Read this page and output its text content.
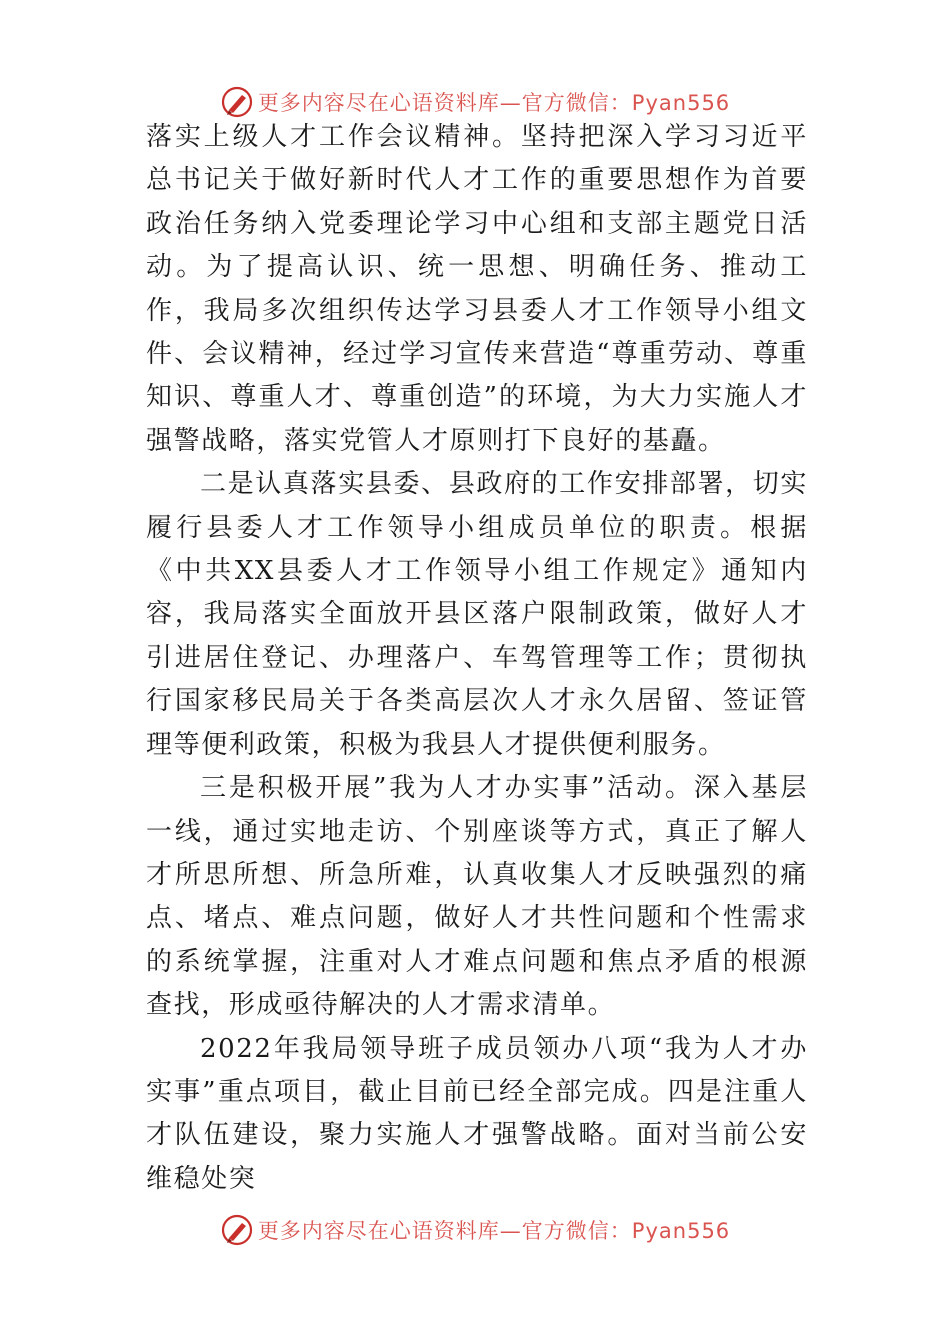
更多内容尽在心语资料库—官方微信：Pyan556

落实上级人才工作会议精神。坚持把深入学习习近平总书记关于做好新时代人才工作的重要思想作为首要政治任务纳入党委理论学习中心组和支部主题党日活动。为了提高认识、统一思想、明确任务、推动工作，我局多次组织传达学习县委人才工作领导小组文件、会议精神，经过学习宣传来营造“尊重劳动、尊重知识、尊重人才、尊重创造”的环境，为大力实施人才强警战略，落实党管人才原则打下良好的基矗。

二是认真落实县委、县政府的工作安排部署，切实履行县委人才工作领导小组成员单位的职责。根据《中共XX县委人才工作领导小组工作规定》通知内容，我局落实全面放开县区落户限制政策，做好人才引进居住登记、办理落户、车驾管理等工作；贯彻执行国家移民局关于各类高层次人才永久居留、签证管理等便利政策，积极为我县人才提供便利服务。

三是积极开展”我为人才办实事”活动。深入基层一线，通过实地走访、个别座谈等方式，真正了解人才所思所想、所急所难，认真收集人才反映强烈的痛点、堵点、难点问题，做好人才共性问题和个性需求的系统掌握，注重对人才难点问题和焦点矛盾的根源查找，形成亟待解决的人才需求清单。

2022年我局领导班子成员领办八项“我为人才办实事”重点项目，截止目前已经全部完成。四是注重人才队伍建设，聚力实施人才强警战略。面对当前公安维稳处突

更多内容尽在心语资料库—官方微信：Pyan556
